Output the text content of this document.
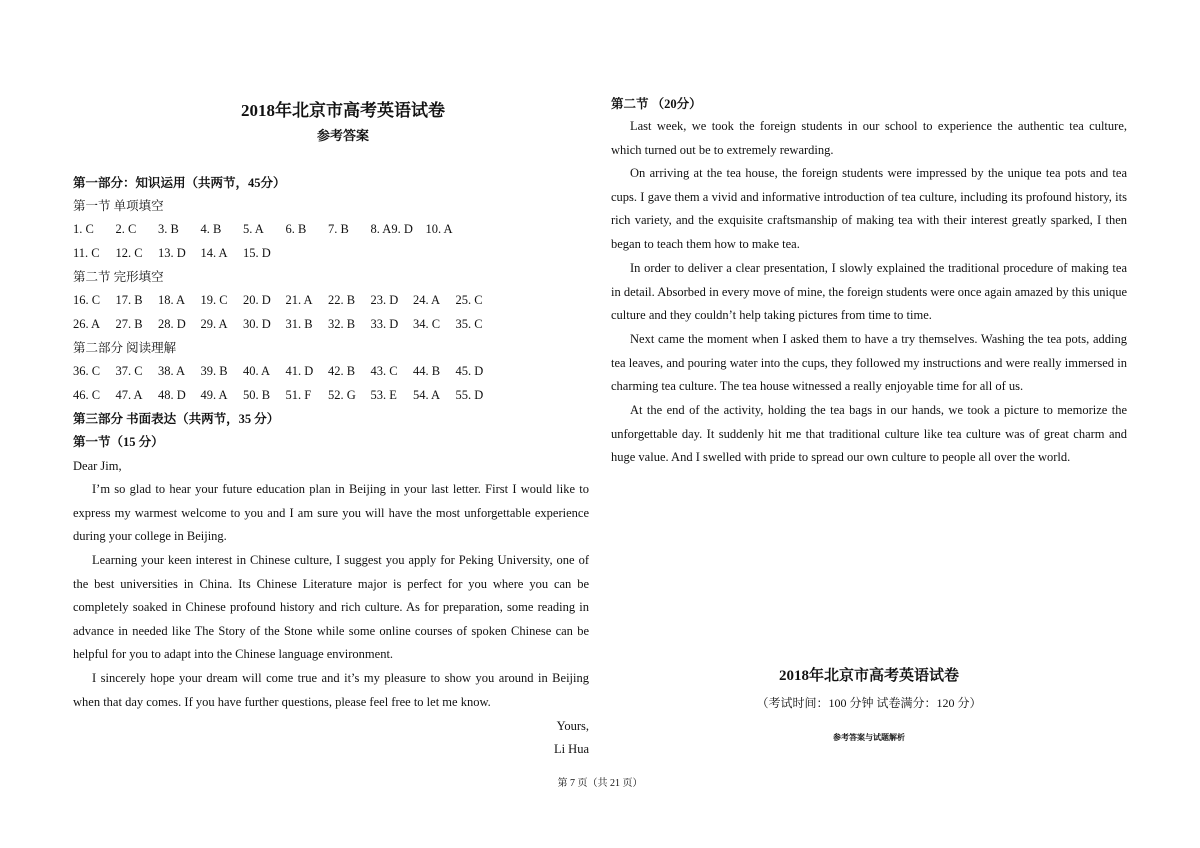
2018年北京市高考英语试卷
参考答案
第一部分：知识运用（共两节，45分）
第一节 单项填空
1. C	2. C	3. B	4. B	5. A	6. B	7. B	8. A9. D	10. A
11. C	12. C	13. D	14. A	15. D
第二节 完形填空
16. C	17. B	18. A	19. C	20. D	21. A	22. B	23. D	24. A	25. C
26. A	27. B	28. D	29. A	30. D	31. B	32. B	33. D	34. C	35. C
第二部分 阅读理解
36. C	37. C	38. A	39. B	40. A	41. D	42. B	43. C	44. B	45. D
46. C	47. A	48. D	49. A	50. B	51. F	52. G	53. E	54. A	55. D
第三部分 书面表达（共两节，35 分）
第一节（15 分）
Dear Jim,

I’m so glad to hear your future education plan in Beijing in your last letter. First I would like to express my warmest welcome to you and I am sure you will have the most unforgettable experience during your college in Beijing.

Learning your keen interest in Chinese culture, I suggest you apply for Peking University, one of the best universities in China. Its Chinese Literature major is perfect for you where you can be completely soaked in Chinese profound history and rich culture. As for preparation, some reading in advance in needed like The Story of the Stone while some online courses of spoken Chinese can be helpful for you to adapt into the Chinese language environment.

I sincerely hope your dream will come true and it’s my pleasure to show you around in Beijing when that day comes. If you have further questions, please feel free to let me know.

Yours,
Li Hua
第二节 （20分）

Last week, we took the foreign students in our school to experience the authentic tea culture, which turned out be to extremely rewarding.

On arriving at the tea house, the foreign students were impressed by the unique tea pots and tea cups. I gave them a vivid and informative introduction of tea culture, including its profound history, its rich variety, and the exquisite craftsmanship of making tea with their interest greatly sparked, I then began to teach them how to make tea.

In order to deliver a clear presentation, I slowly explained the traditional procedure of making tea in detail. Absorbed in every move of mine, the foreign students were once again amazed by this unique culture and they couldn’t help taking pictures from time to time.

Next came the moment when I asked them to have a try themselves. Washing the tea pots, adding tea leaves, and pouring water into the cups, they followed my instructions and were really immersed in charming tea culture. The tea house witnessed a really enjoyable time for all of us.

At the end of the activity, holding the tea bags in our hands, we took a picture to memorize the unforgettable day. It suddenly hit me that traditional culture like tea culture was of great charm and huge value. And I swelled with pride to spread our own culture to people all over the world.

2018年北京市高考英语试卷
（考试时间：100 分钟 试卷满分：120 分）
参考答案与试题解析
第 7 页（共 21 页）
